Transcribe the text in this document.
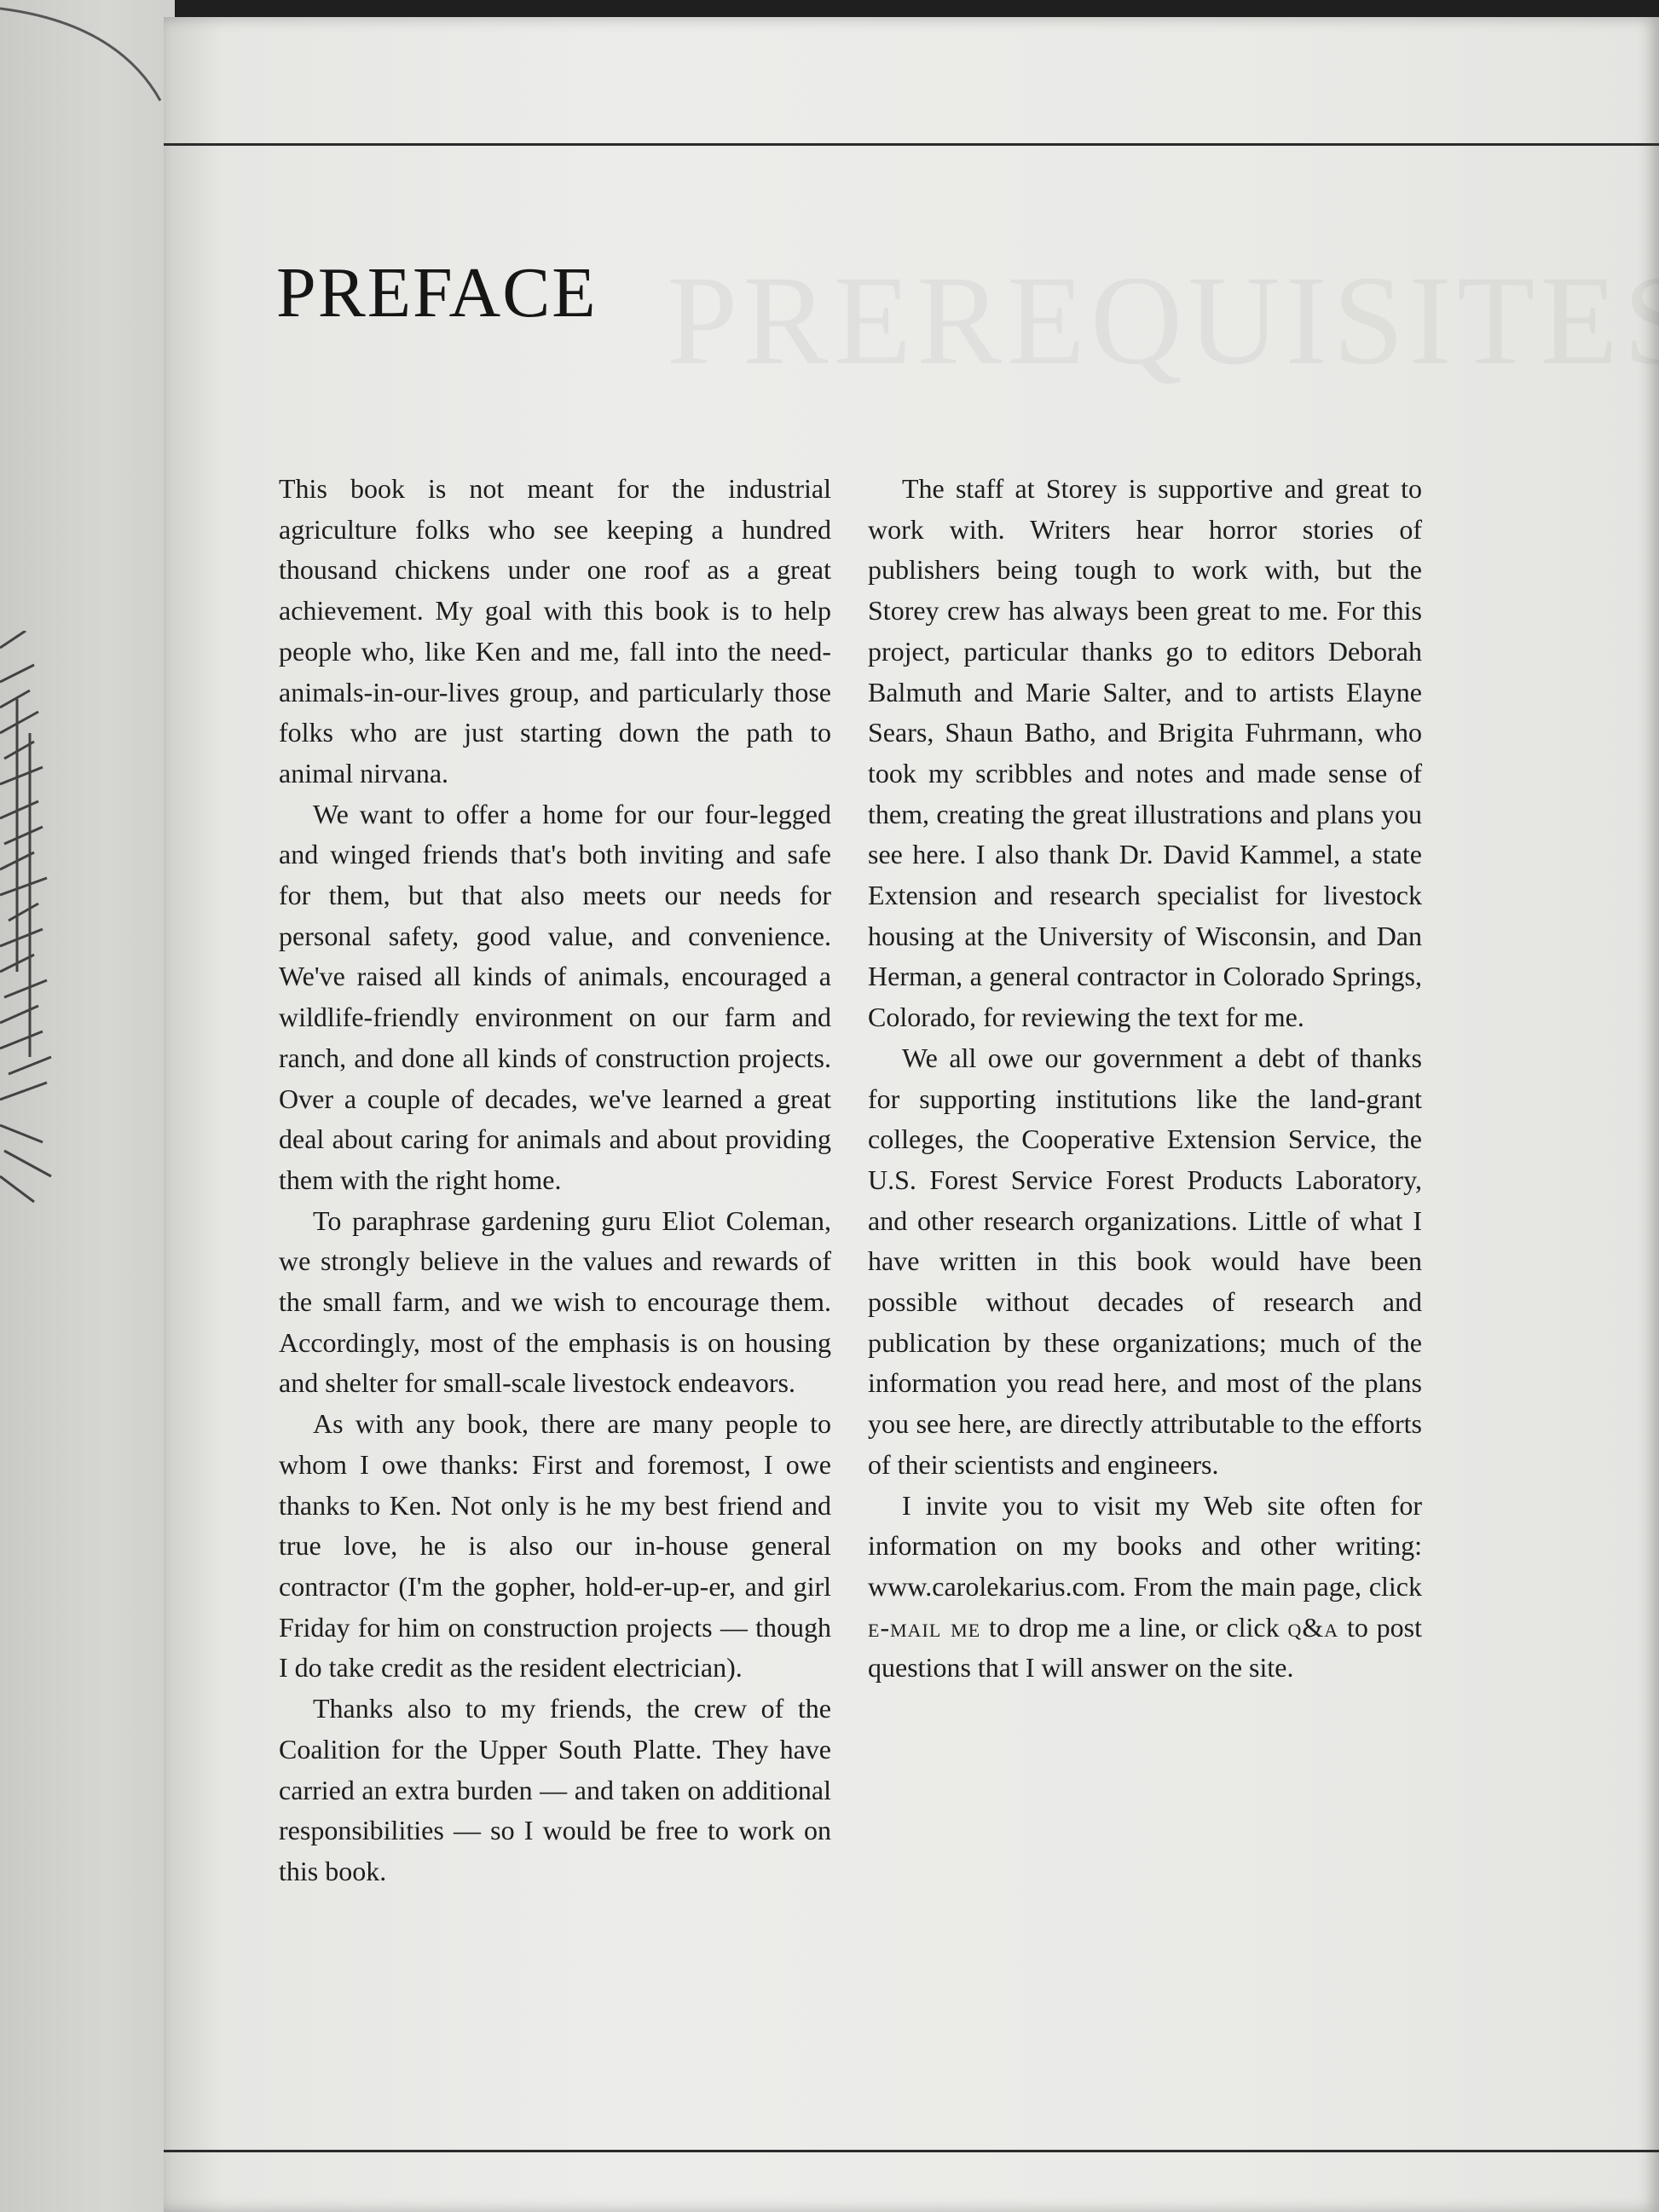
PREFACE

This book is not meant for the industrial agriculture folks who see keeping a hundred thousand chickens under one roof as a great achievement. My goal with this book is to help people who, like Ken and me, fall into the need-animals-in-our-lives group, and particularly those folks who are just starting down the path to animal nirvana.

We want to offer a home for our four-legged and winged friends that's both inviting and safe for them, but that also meets our needs for personal safety, good value, and convenience. We've raised all kinds of animals, encouraged a wildlife-friendly environment on our farm and ranch, and done all kinds of construction projects. Over a couple of decades, we've learned a great deal about caring for animals and about providing them with the right home.

To paraphrase gardening guru Eliot Coleman, we strongly believe in the values and rewards of the small farm, and we wish to encourage them. Accordingly, most of the emphasis is on housing and shelter for small-scale livestock endeavors.

As with any book, there are many people to whom I owe thanks: First and foremost, I owe thanks to Ken. Not only is he my best friend and true love, he is also our in-house general contractor (I'm the gopher, hold-er-up-er, and girl Friday for him on construction projects — though I do take credit as the resident electrician).

Thanks also to my friends, the crew of the Coalition for the Upper South Platte. They have carried an extra burden — and taken on additional responsibilities — so I would be free to work on this book.

The staff at Storey is supportive and great to work with. Writers hear horror stories of publishers being tough to work with, but the Storey crew has always been great to me. For this project, particular thanks go to editors Deborah Balmuth and Marie Salter, and to artists Elayne Sears, Shaun Batho, and Brigita Fuhrmann, who took my scribbles and notes and made sense of them, creating the great illustrations and plans you see here. I also thank Dr. David Kammel, a state Extension and research specialist for livestock housing at the University of Wisconsin, and Dan Herman, a general contractor in Colorado Springs, Colorado, for reviewing the text for me.

We all owe our government a debt of thanks for supporting institutions like the land-grant colleges, the Cooperative Extension Service, the U.S. Forest Service Forest Products Laboratory, and other research organizations. Little of what I have written in this book would have been possible without decades of research and publication by these organizations; much of the information you read here, and most of the plans you see here, are directly attributable to the efforts of their scientists and engineers.

I invite you to visit my Web site often for information on my books and other writing: www.carolekarius.com. From the main page, click e-mail me to drop me a line, or click q&a to post questions that I will answer on the site.
